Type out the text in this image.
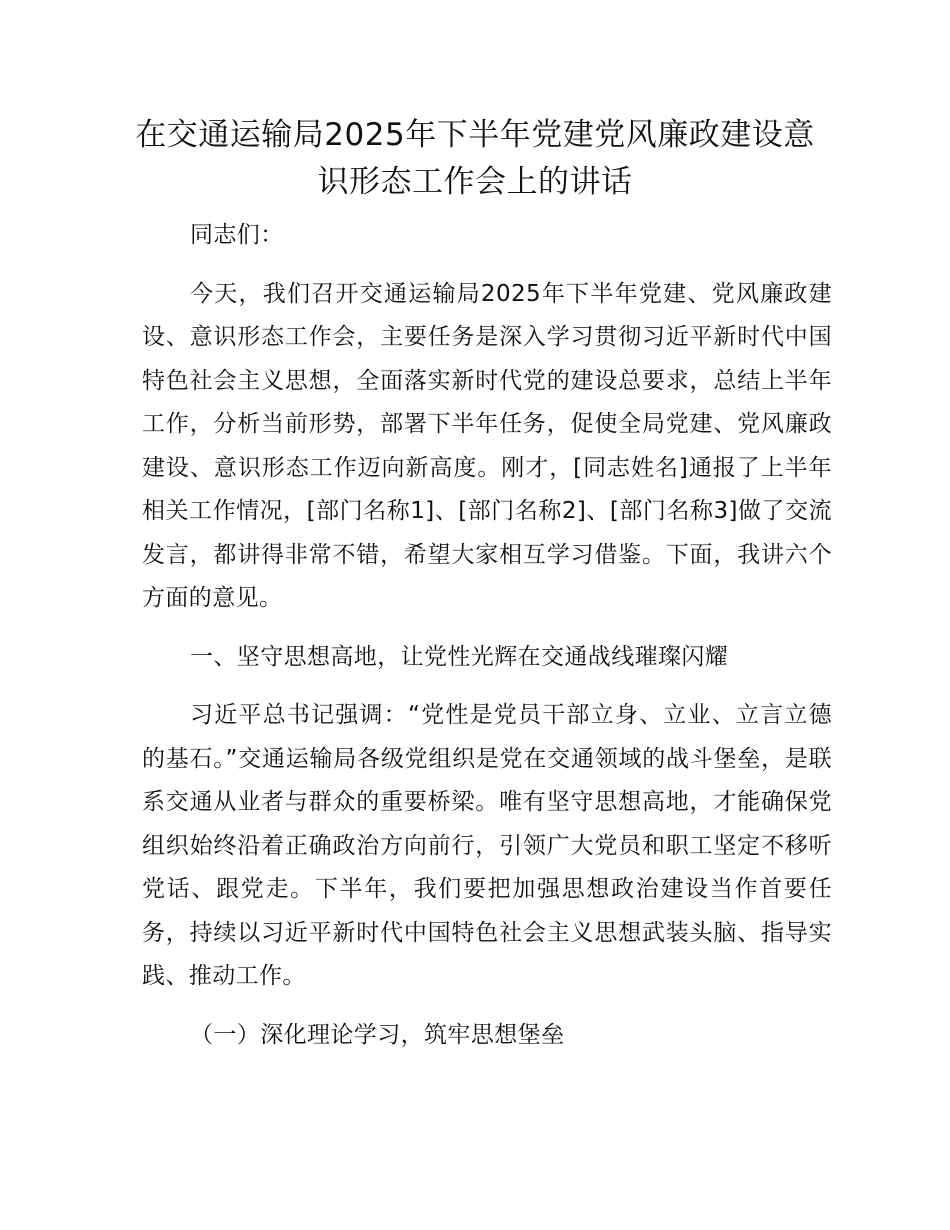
在交通运输局2025年下半年党建党风廉政建设意识形态工作会上的讲话

同志们：

今天，我们召开交通运输局2025年下半年党建、党风廉政建设、意识形态工作会，主要任务是深入学习贯彻习近平新时代中国特色社会主义思想，全面落实新时代党的建设总要求，总结上半年工作，分析当前形势，部署下半年任务，促使全局党建、党风廉政建设、意识形态工作迈向新高度。刚才，[同志姓名]通报了上半年相关工作情况，[部门名称1]、[部门名称2]、[部门名称3]做了交流发言，都讲得非常不错，希望大家相互学习借鉴。下面，我讲六个方面的意见。

一、坚守思想高地，让党性光辉在交通战线璀璨闪耀

习近平总书记强调：“党性是党员干部立身、立业、立言立德的基石。”交通运输局各级党组织是党在交通领域的战斗堡垒，是联系交通从业者与群众的重要桥梁。唯有坚守思想高地，才能确保党组织始终沿着正确政治方向前行，引领广大党员和职工坚定不移听党话、跟党走。下半年，我们要把加强思想政治建设当作首要任务，持续以习近平新时代中国特色社会主义思想武装头脑、指导实践、推动工作。

（一）深化理论学习，筑牢思想堡垒
